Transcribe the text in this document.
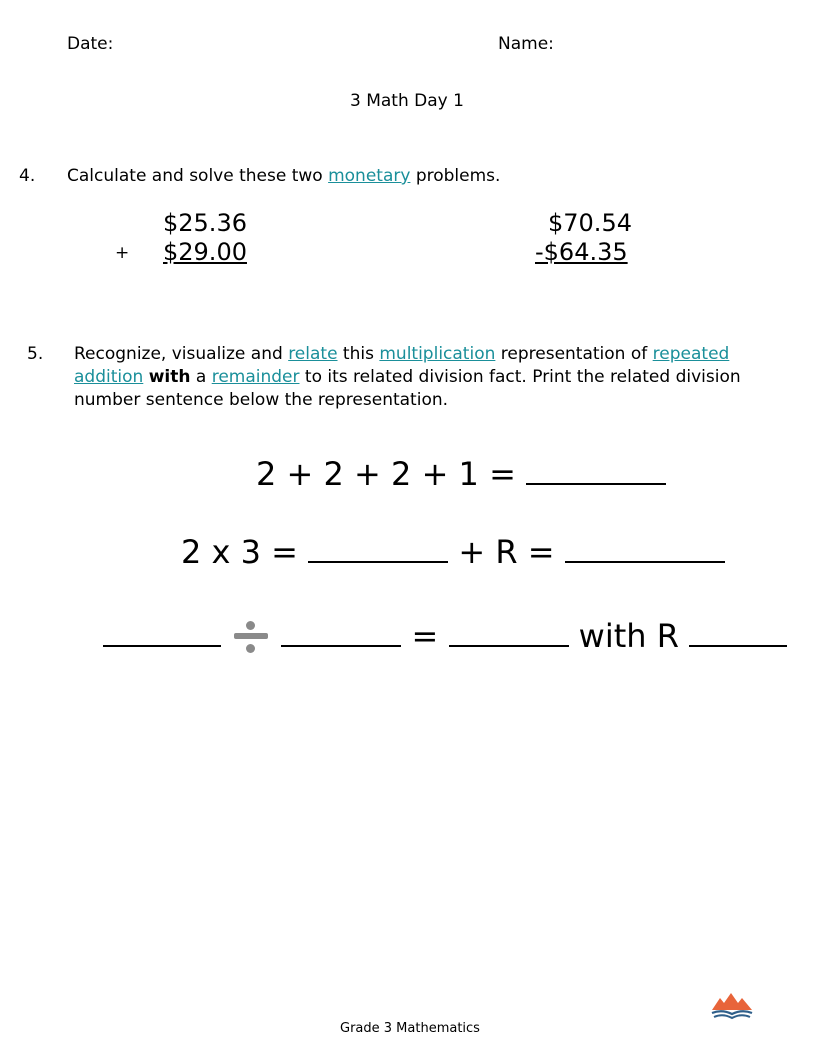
Date:	Name:
3 Math Day 1
4. Calculate and solve these two monetary problems.
$25.36
+ $29.00
$70.54
-$64.35
5. Recognize, visualize and relate this multiplication representation of repeated addition with a remainder to its related division fact. Print the related division number sentence below the representation.
2 + 2 + 2 + 1 =
2 x 3 =	+ R =

=	with R
Grade 3 Mathematics
